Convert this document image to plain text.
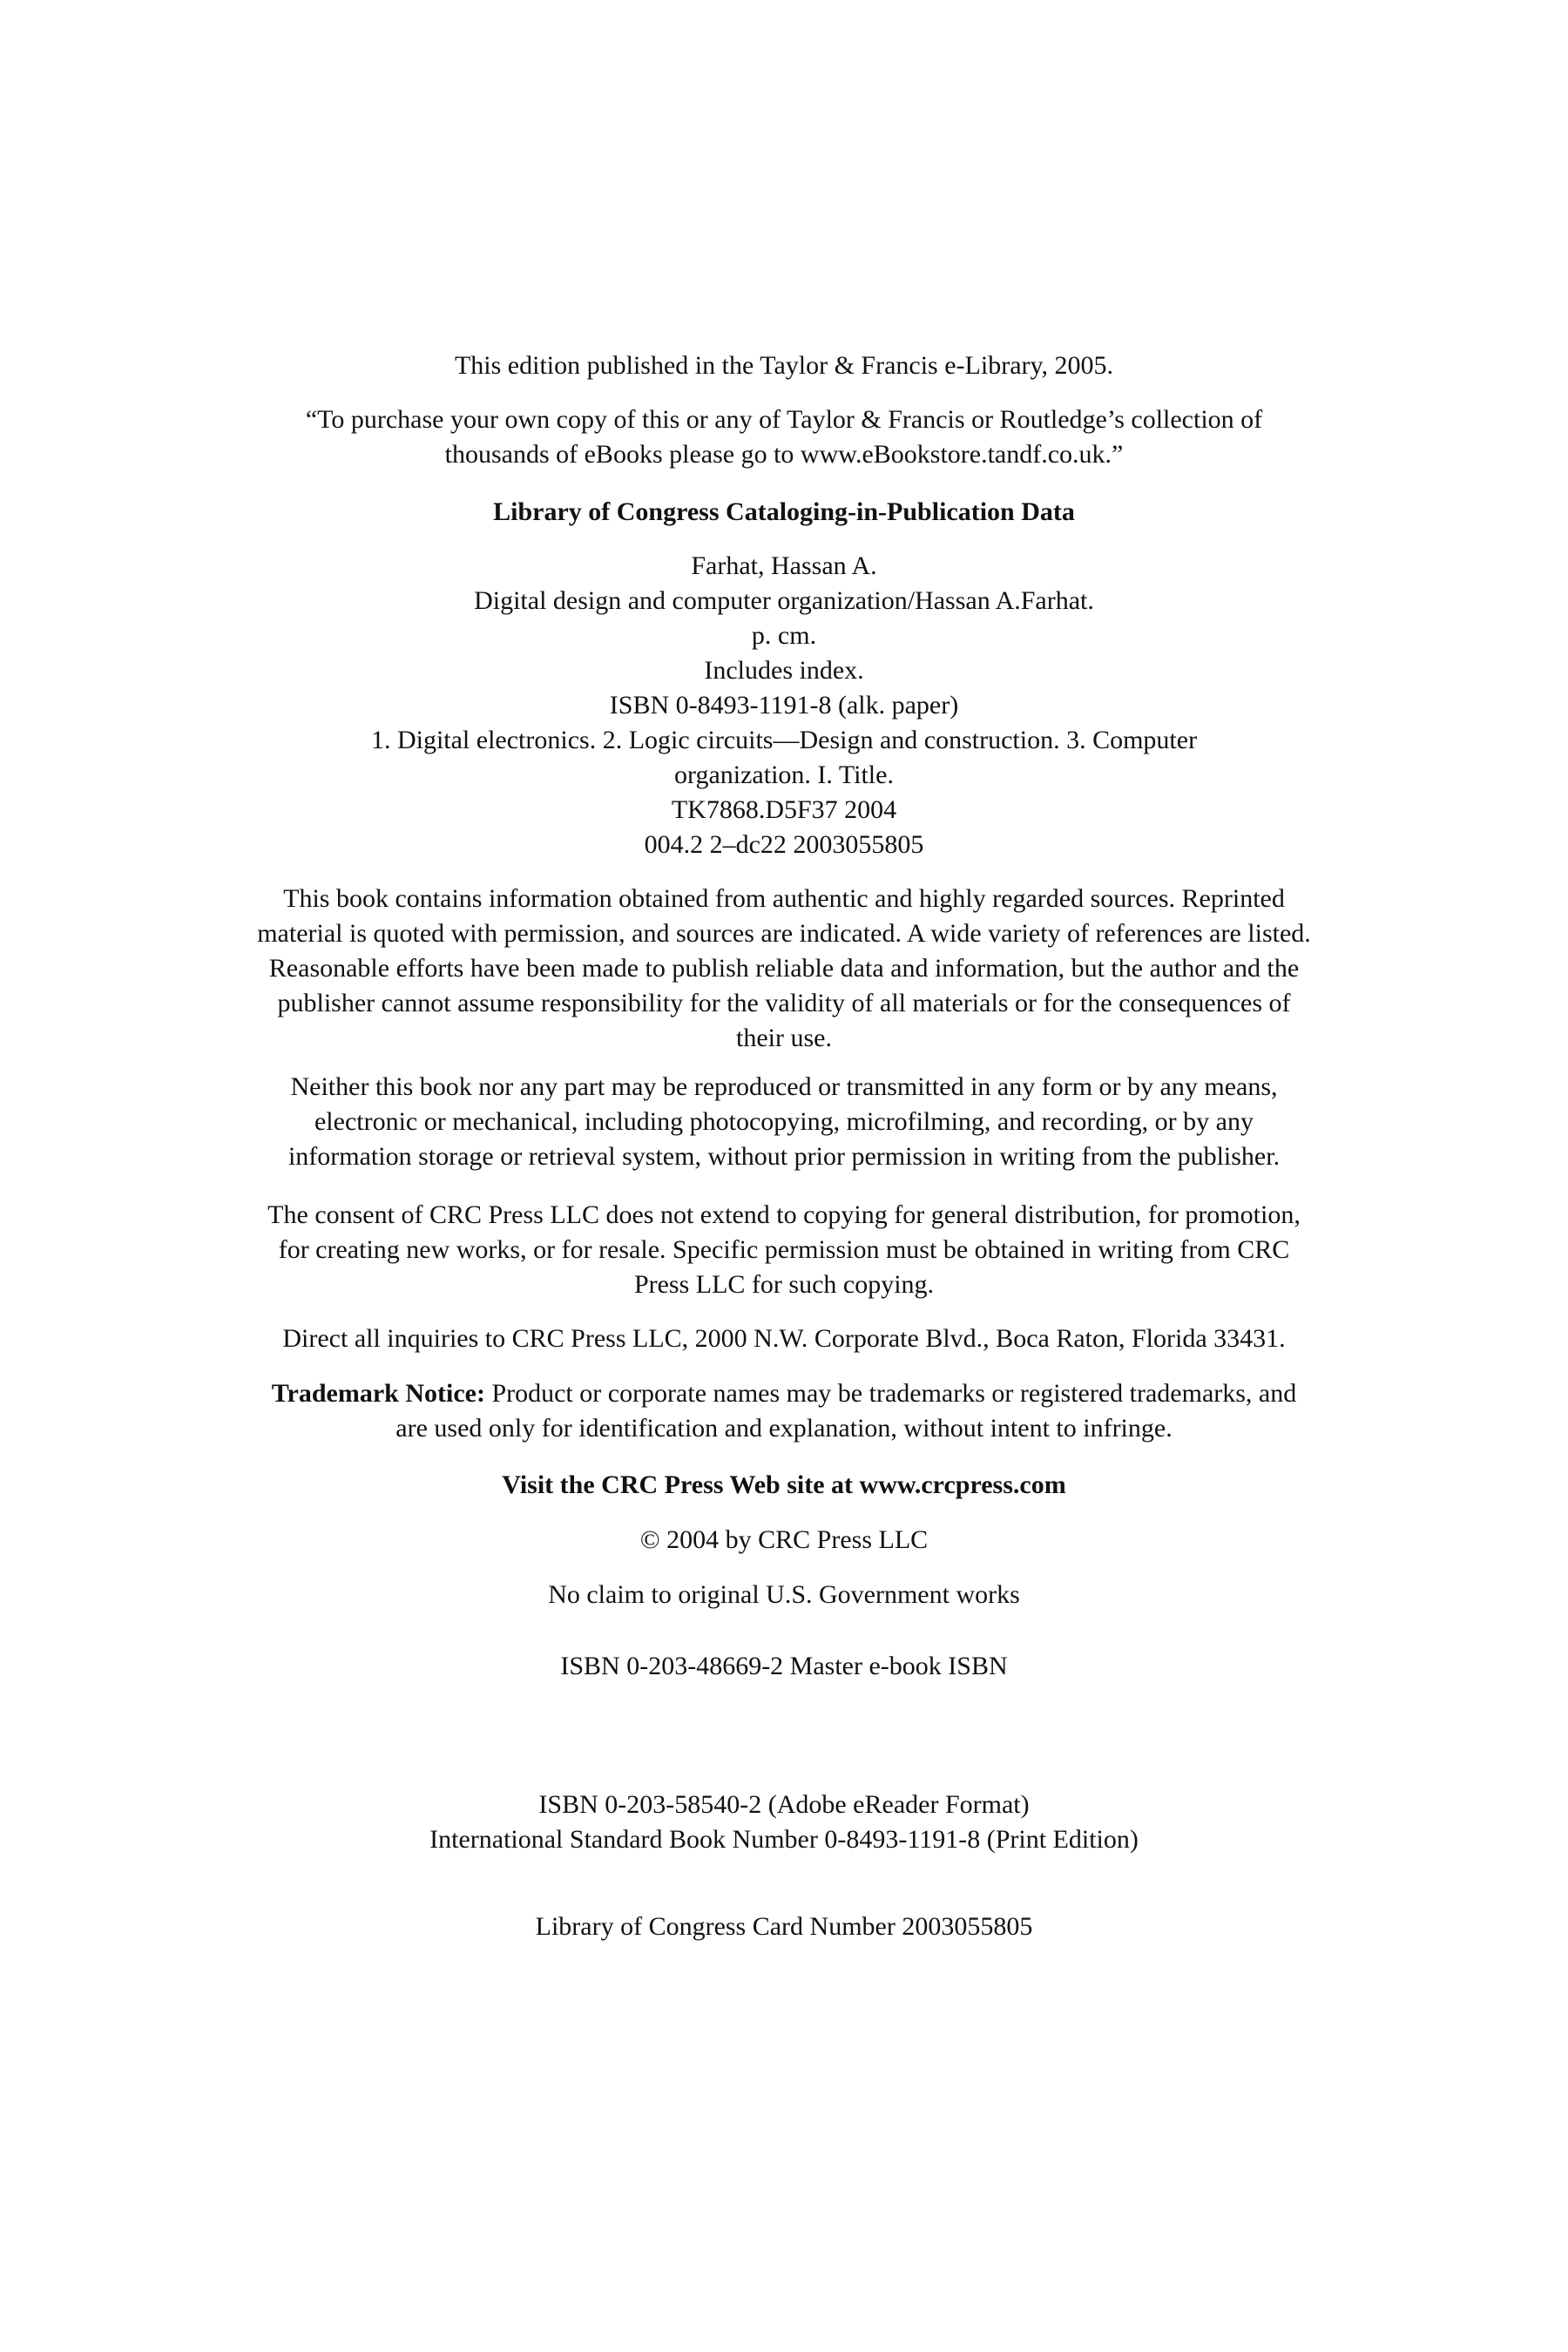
This edition published in the Taylor & Francis e-Library, 2005.
“To purchase your own copy of this or any of Taylor & Francis or Routledge’s collection of
thousands of eBooks please go to www.eBookstore.tandf.co.uk.”
Library of Congress Cataloging-in-Publication Data
Farhat, Hassan A.
Digital design and computer organization/Hassan A.Farhat.
p. cm.
Includes index.
ISBN 0-8493-1191-8 (alk. paper)
1. Digital electronics. 2. Logic circuits—Design and construction. 3. Computer
organization. I. Title.
TK7868.D5F37 2004
004.2 2–dc22 2003055805
This book contains information obtained from authentic and highly regarded sources. Reprinted
material is quoted with permission, and sources are indicated. A wide variety of references are listed.
Reasonable efforts have been made to publish reliable data and information, but the author and the
publisher cannot assume responsibility for the validity of all materials or for the consequences of
their use.
Neither this book nor any part may be reproduced or transmitted in any form or by any means,
electronic or mechanical, including photocopying, microfilming, and recording, or by any
information storage or retrieval system, without prior permission in writing from the publisher.
The consent of CRC Press LLC does not extend to copying for general distribution, for promotion,
for creating new works, or for resale. Specific permission must be obtained in writing from CRC
Press LLC for such copying.
Direct all inquiries to CRC Press LLC, 2000 N.W. Corporate Blvd., Boca Raton, Florida 33431.
Trademark Notice: Product or corporate names may be trademarks or registered trademarks, and
are used only for identification and explanation, without intent to infringe.
Visit the CRC Press Web site at www.crcpress.com
© 2004 by CRC Press LLC
No claim to original U.S. Government works
ISBN 0-203-48669-2 Master e-book ISBN
ISBN 0-203-58540-2 (Adobe eReader Format)
International Standard Book Number 0-8493-1191-8 (Print Edition)
Library of Congress Card Number 2003055805
